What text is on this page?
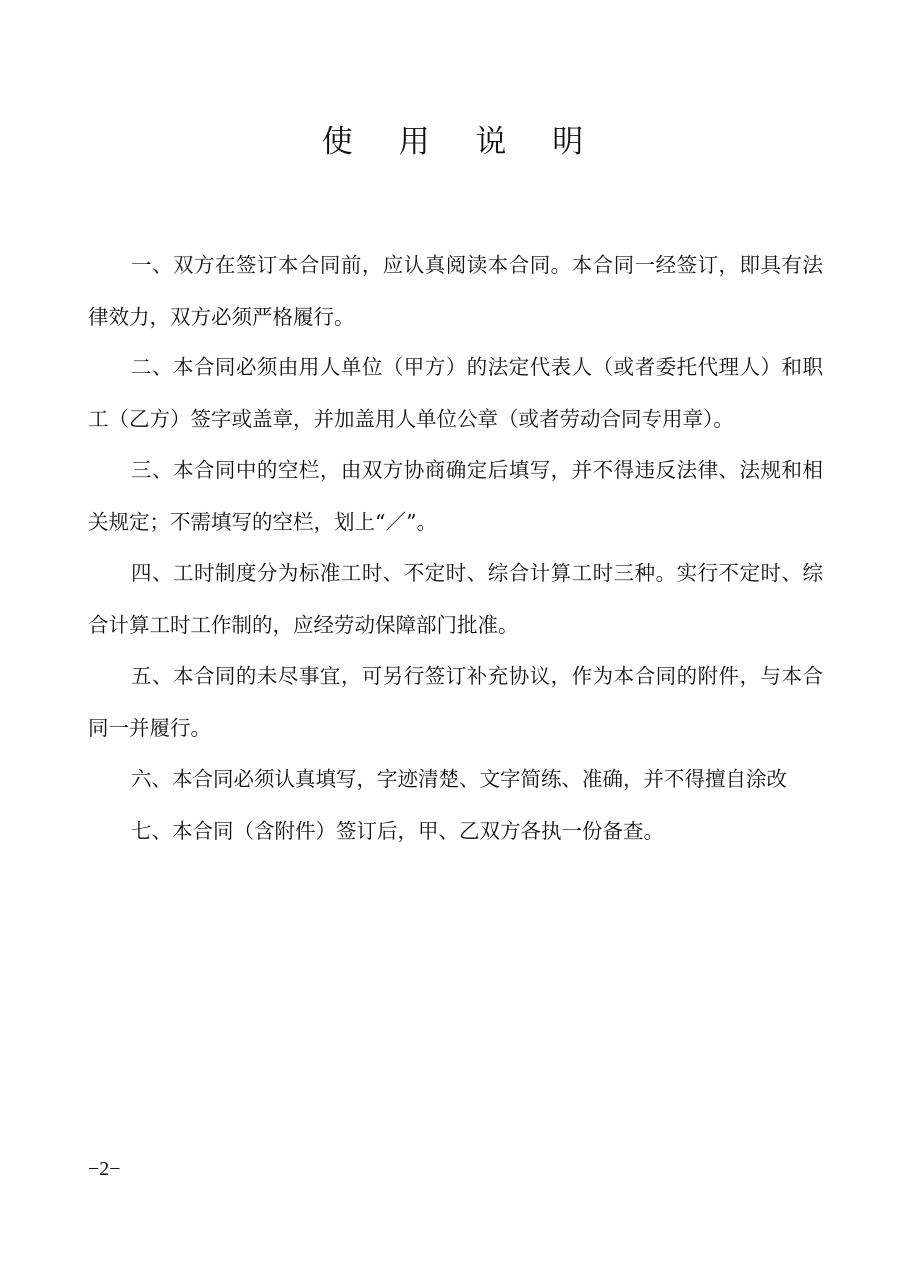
使 用 说 明

一、双方在签订本合同前，应认真阅读本合同。本合同一经签订，即具有法律效力，双方必须严格履行。

二、本合同必须由用人单位（甲方）的法定代表人（或者委托代理人）和职工（乙方）签字或盖章，并加盖用人单位公章（或者劳动合同专用章）。

三、本合同中的空栏，由双方协商确定后填写，并不得违反法律、法规和相关规定；不需填写的空栏，划上“／”。

四、工时制度分为标准工时、不定时、综合计算工时三种。实行不定时、综合计算工时工作制的，应经劳动保障部门批准。

五、本合同的未尽事宜，可另行签订补充协议，作为本合同的附件，与本合同一并履行。

六、本合同必须认真填写，字迹清楚、文字简练、准确，并不得擅自涂改

七、本合同（含附件）签订后，甲、乙双方各执一份备查。

−2−
